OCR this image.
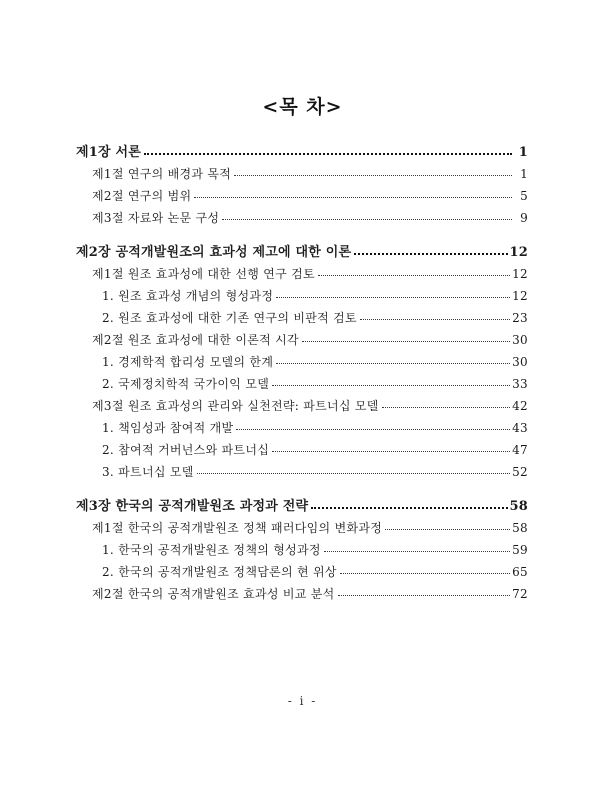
<목 차>
제1장 서론	1
제1절 연구의 배경과 목적	1
제2절 연구의 범위	5
제3절 자료와 논문 구성	9
제2장 공적개발원조의 효과성 제고에 대한 이론	12
제1절 원조 효과성에 대한 선행 연구 검토	12
1. 원조 효과성 개념의 형성과정	12
2. 원조 효과성에 대한 기존 연구의 비판적 검토	23
제2절 원조 효과성에 대한 이론적 시각	30
1. 경제학적 합리성 모델의 한계	30
2. 국제정치학적 국가이익 모델	33
제3절 원조 효과성의 관리와 실천전략: 파트너십 모델	42
1. 책임성과 참여적 개발	43
2. 참여적 거버넌스와 파트너십	47
3. 파트너십 모델	52
제3장 한국의 공적개발원조 과정과 전략	58
제1절 한국의 공적개발원조 정책 패러다임의 변화과정	58
1. 한국의 공적개발원조 정책의 형성과정	59
2. 한국의 공적개발원조 정책담론의 현 위상	65
제2절 한국의 공적개발원조 효과성 비교 분석	72
- i -
